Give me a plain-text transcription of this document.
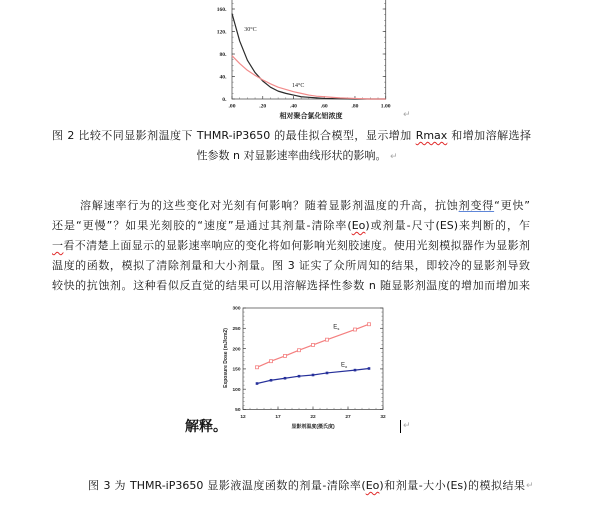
相对聚合氯化铝浓度
.00	.20	.40	.60	.80	1.00
0.
40.
80.
120.
160.
30°C
14°C
↵
图 2 比较不同显影剂温度下 THMR-iP3650 的最佳拟合模型，显示增加 Rmax 和增加溶解选择
性参数 n 对显影速率曲线形状的影响。 ↵
溶解速率行为的这些变化对光刻有何影响？随着显影剂温度的升高，抗蚀剂变得“更快”
还是“更慢”？如果光刻胶的“速度”是通过其剂量-清除率(Eo)或剂量-尺寸(ES)来判断的，乍
一看不清楚上面显示的显影速率响应的变化将如何影响光刻胶速度。使用光刻模拟器作为显影剂
温度的函数，模拟了清除剂量和大小剂量。图 3 证实了众所周知的结果，即较冷的显影剂导致
较快的抗蚀剂。这种看似反直觉的结果可以用溶解选择性参数 n 随显影剂温度的增加而增加来
显影剂温度(摄氏度)
Exposure Dose (mJ/cm2)
12	17	22	27	32
50
100
150
200
250
300
$E_s$
$E_o$
解释。	↵
图 3 为 THMR-iP3650 显影液温度函数的剂量-清除率(Eo)和剂量-大小(Es)的模拟结果 ↵
